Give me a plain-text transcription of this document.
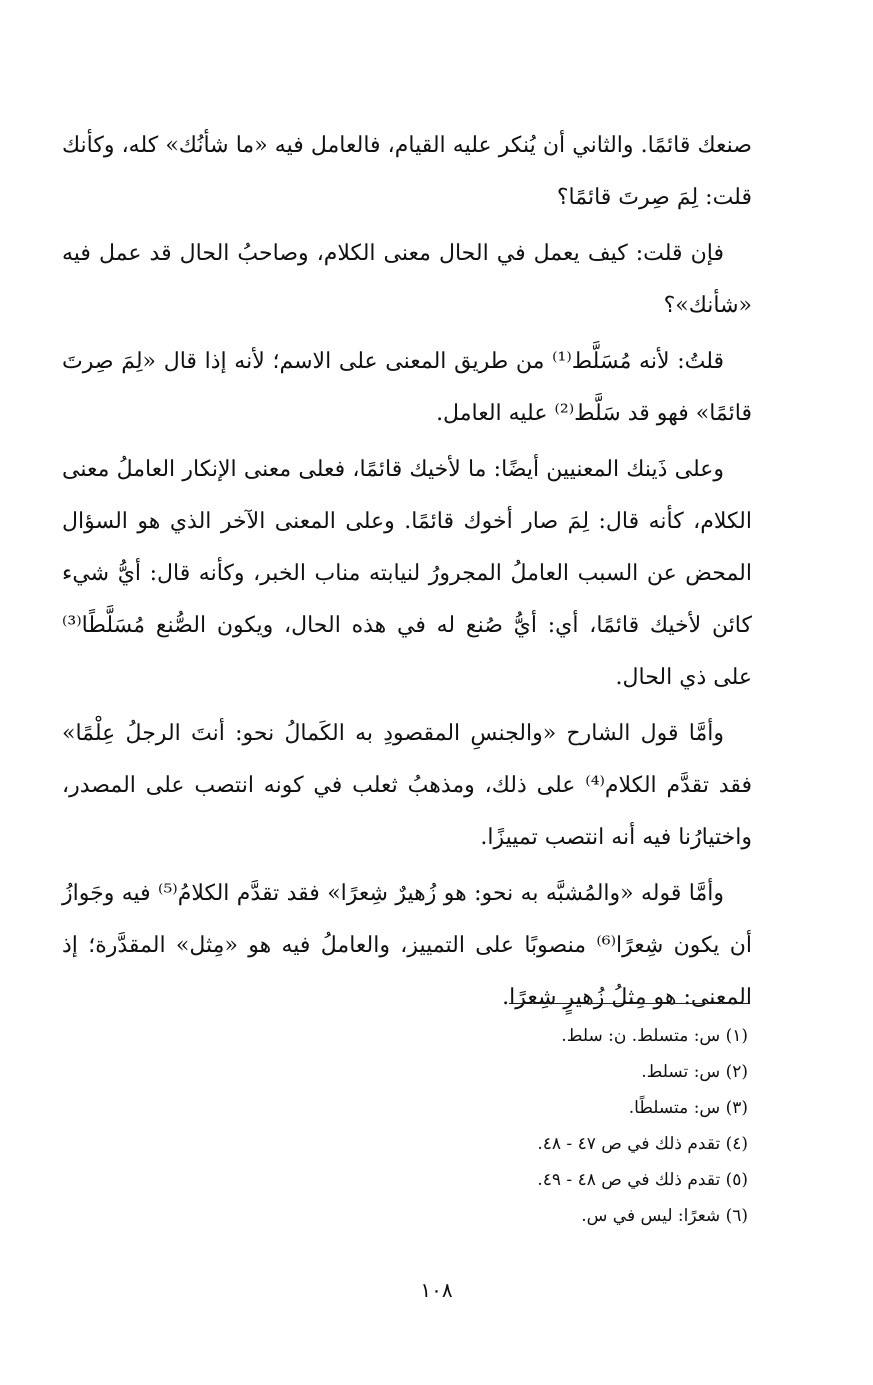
صنعك قائمًا. والثاني أن يُنكر عليه القيام، فالعامل فيه «ما شأنُك» كله، وكأنك قلت: لِمَ صِرتَ قائمًا؟

فإن قلت: كيف يعمل في الحال معنى الكلام، وصاحبُ الحال قد عمل فيه «شأنك»؟

قلتُ: لأنه مُسَلَّط⁽¹⁾ من طريق المعنى على الاسم؛ لأنه إذا قال «لِمَ صِرتَ قائمًا» فهو قد سَلَّط⁽²⁾ عليه العامل.

وعلى ذَينك المعنيين أيضًا: ما لأخيك قائمًا، فعلى معنى الإنكار العاملُ معنى الكلام، كأنه قال: لِمَ صار أخوك قائمًا. وعلى المعنى الآخر الذي هو السؤال المحض عن السبب العاملُ المجرورُ لنيابته مناب الخبر، وكأنه قال: أيُّ شيء كائن لأخيك قائمًا، أي: أيُّ صُنع له في هذه الحال، ويكون الصُّنع مُسَلَّطًا⁽³⁾ على ذي الحال.

وأمَّا قول الشارح «والجنسِ المقصودِ به الكَمالُ نحو: أنتَ الرجلُ عِلْمًا» فقد تقدَّم الكلام⁽⁴⁾ على ذلك، ومذهبُ ثعلب في كونه انتصب على المصدر، واختيارُنا فيه أنه انتصب تمييزًا.

وأمَّا قوله «والمُشبَّه به نحو: هو زُهيرٌ شِعرًا» فقد تقدَّم الكلامُ⁽⁵⁾ فيه وجَوازُ أن يكون شِعرًا⁽⁶⁾ منصوبًا على التمييز، والعاملُ فيه هو «مِثل» المقدَّرة؛ إذ المعنى: هو مِثلُ زُهيرٍ شِعرًا.

(١) س: متسلط. ن: سلط.

(٢) س: تسلط.

(٣) س: متسلطًا.

(٤) تقدم ذلك في ص ٤٧ - ٤٨.

(٥) تقدم ذلك في ص ٤٨ - ٤٩.

(٦) شعرًا: ليس في س.

١٠٨
